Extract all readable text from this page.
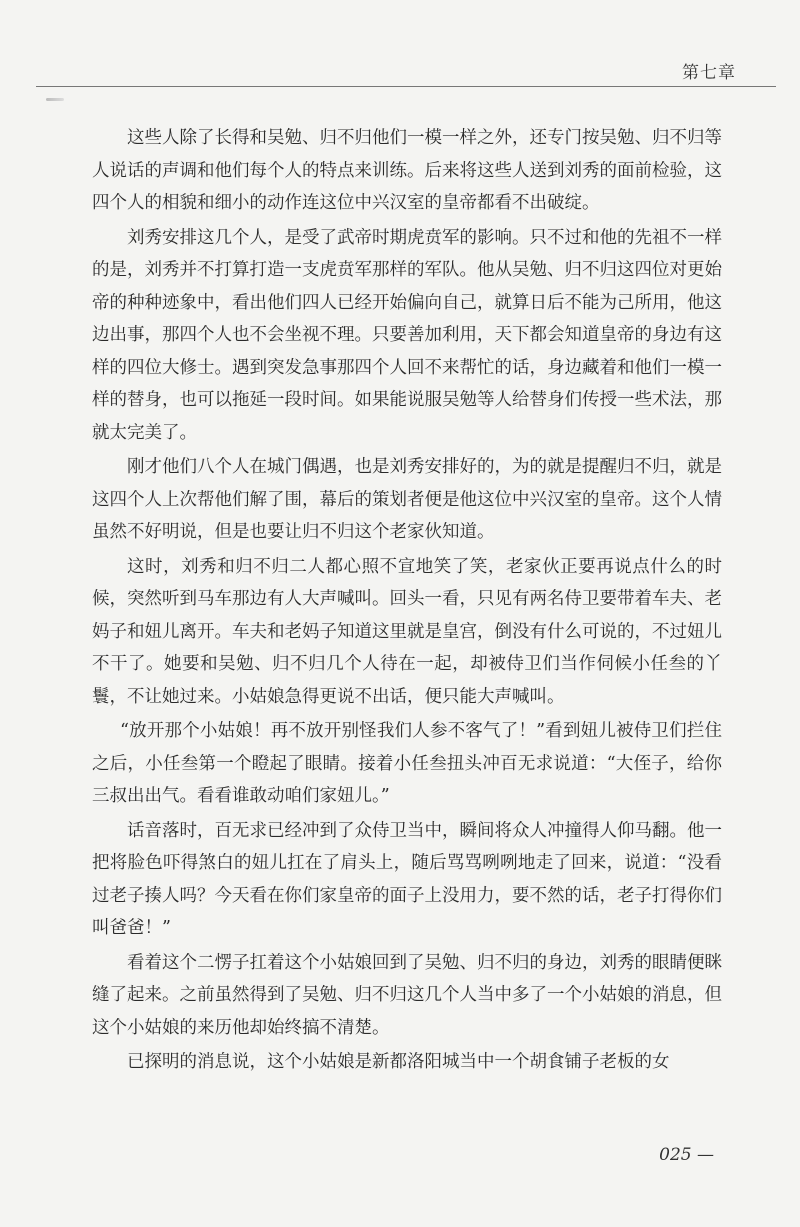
第七章

这些人除了长得和吴勉、归不归他们一模一样之外，还专门按吴勉、归不归等人说话的声调和他们每个人的特点来训练。后来将这些人送到刘秀的面前检验，这四个人的相貌和细小的动作连这位中兴汉室的皇帝都看不出破绽。

刘秀安排这几个人，是受了武帝时期虎贲军的影响。只不过和他的先祖不一样的是，刘秀并不打算打造一支虎贲军那样的军队。他从吴勉、归不归这四位对更始帝的种种迹象中，看出他们四人已经开始偏向自己，就算日后不能为己所用，他这边出事，那四个人也不会坐视不理。只要善加利用，天下都会知道皇帝的身边有这样的四位大修士。遇到突发急事那四个人回不来帮忙的话，身边藏着和他们一模一样的替身，也可以拖延一段时间。如果能说服吴勉等人给替身们传授一些术法，那就太完美了。

刚才他们八个人在城门偶遇，也是刘秀安排好的，为的就是提醒归不归，就是这四个人上次帮他们解了围，幕后的策划者便是他这位中兴汉室的皇帝。这个人情虽然不好明说，但是也要让归不归这个老家伙知道。

这时，刘秀和归不归二人都心照不宣地笑了笑，老家伙正要再说点什么的时候，突然听到马车那边有人大声喊叫。回头一看，只见有两名侍卫要带着车夫、老妈子和妞儿离开。车夫和老妈子知道这里就是皇宫，倒没有什么可说的，不过妞儿不干了。她要和吴勉、归不归几个人待在一起，却被侍卫们当作伺候小任叁的丫鬟，不让她过来。小姑娘急得更说不出话，便只能大声喊叫。

“放开那个小姑娘！再不放开别怪我们人参不客气了！”看到妞儿被侍卫们拦住之后，小任叁第一个瞪起了眼睛。接着小任叁扭头冲百无求说道：“大侄子，给你三叔出出气。看看谁敢动咱们家妞儿。”

话音落时，百无求已经冲到了众侍卫当中，瞬间将众人冲撞得人仰马翻。他一把将脸色吓得煞白的妞儿扛在了肩头上，随后骂骂咧咧地走了回来，说道：“没看过老子揍人吗？今天看在你们家皇帝的面子上没用力，要不然的话，老子打得你们叫爸爸！”

看着这个二愣子扛着这个小姑娘回到了吴勉、归不归的身边，刘秀的眼睛便眯缝了起来。之前虽然得到了吴勉、归不归这几个人当中多了一个小姑娘的消息，但这个小姑娘的来历他却始终搞不清楚。

已探明的消息说，这个小姑娘是新都洛阳城当中一个胡食铺子老板的女

025 —
